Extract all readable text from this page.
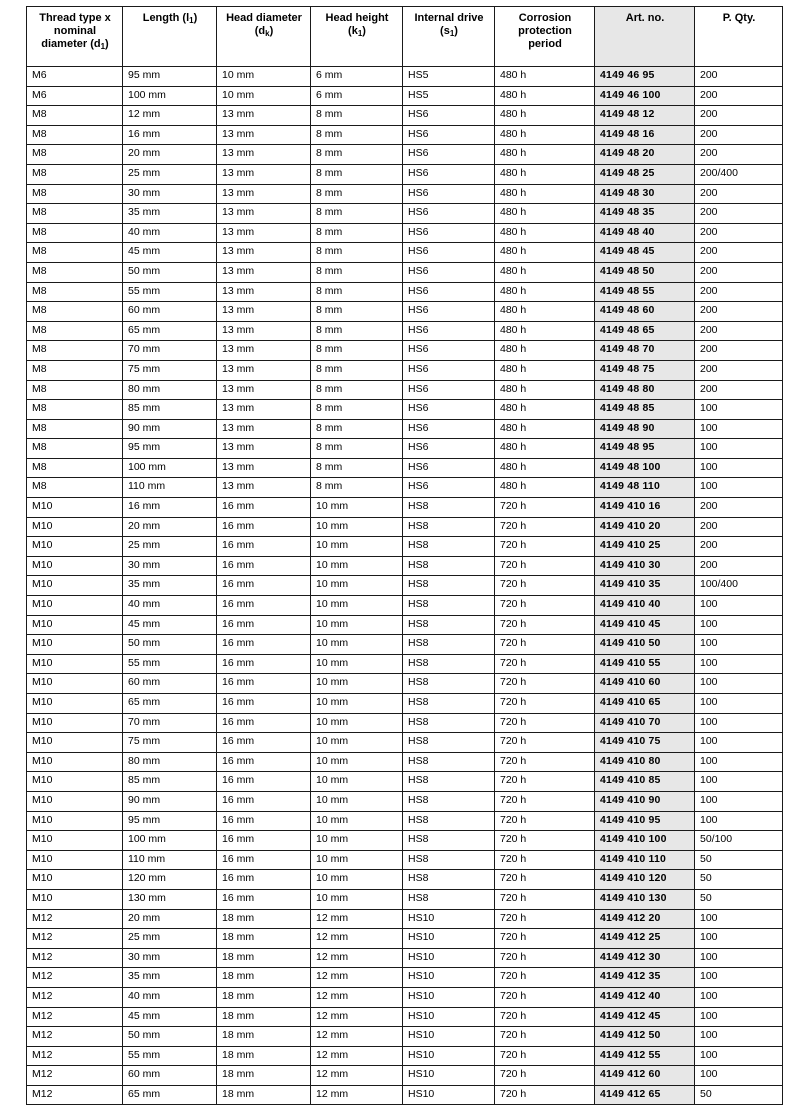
Thread type x nominal diameter $(d_1)$	Length $(l_1)$	Head diameter $(d_k)$	Head height $(k_1)$	Internal drive $(s_1)$	Corrosion protection period	Art. no.	P. Qty.
M6	95 mm	10 mm	6 mm	HS5	480 h	4149 46 95	200
M6	100 mm	10 mm	6 mm	HS5	480 h	4149 46 100	200
M8	12 mm	13 mm	8 mm	HS6	480 h	4149 48 12	200
M8	16 mm	13 mm	8 mm	HS6	480 h	4149 48 16	200
M8	20 mm	13 mm	8 mm	HS6	480 h	4149 48 20	200
M8	25 mm	13 mm	8 mm	HS6	480 h	4149 48 25	200/400
M8	30 mm	13 mm	8 mm	HS6	480 h	4149 48 30	200
M8	35 mm	13 mm	8 mm	HS6	480 h	4149 48 35	200
M8	40 mm	13 mm	8 mm	HS6	480 h	4149 48 40	200
M8	45 mm	13 mm	8 mm	HS6	480 h	4149 48 45	200
M8	50 mm	13 mm	8 mm	HS6	480 h	4149 48 50	200
M8	55 mm	13 mm	8 mm	HS6	480 h	4149 48 55	200
M8	60 mm	13 mm	8 mm	HS6	480 h	4149 48 60	200
M8	65 mm	13 mm	8 mm	HS6	480 h	4149 48 65	200
M8	70 mm	13 mm	8 mm	HS6	480 h	4149 48 70	200
M8	75 mm	13 mm	8 mm	HS6	480 h	4149 48 75	200
M8	80 mm	13 mm	8 mm	HS6	480 h	4149 48 80	200
M8	85 mm	13 mm	8 mm	HS6	480 h	4149 48 85	100
M8	90 mm	13 mm	8 mm	HS6	480 h	4149 48 90	100
M8	95 mm	13 mm	8 mm	HS6	480 h	4149 48 95	100
M8	100 mm	13 mm	8 mm	HS6	480 h	4149 48 100	100
M8	110 mm	13 mm	8 mm	HS6	480 h	4149 48 110	100
M10	16 mm	16 mm	10 mm	HS8	720 h	4149 410 16	200
M10	20 mm	16 mm	10 mm	HS8	720 h	4149 410 20	200
M10	25 mm	16 mm	10 mm	HS8	720 h	4149 410 25	200
M10	30 mm	16 mm	10 mm	HS8	720 h	4149 410 30	200
M10	35 mm	16 mm	10 mm	HS8	720 h	4149 410 35	100/400
M10	40 mm	16 mm	10 mm	HS8	720 h	4149 410 40	100
M10	45 mm	16 mm	10 mm	HS8	720 h	4149 410 45	100
M10	50 mm	16 mm	10 mm	HS8	720 h	4149 410 50	100
M10	55 mm	16 mm	10 mm	HS8	720 h	4149 410 55	100
M10	60 mm	16 mm	10 mm	HS8	720 h	4149 410 60	100
M10	65 mm	16 mm	10 mm	HS8	720 h	4149 410 65	100
M10	70 mm	16 mm	10 mm	HS8	720 h	4149 410 70	100
M10	75 mm	16 mm	10 mm	HS8	720 h	4149 410 75	100
M10	80 mm	16 mm	10 mm	HS8	720 h	4149 410 80	100
M10	85 mm	16 mm	10 mm	HS8	720 h	4149 410 85	100
M10	90 mm	16 mm	10 mm	HS8	720 h	4149 410 90	100
M10	95 mm	16 mm	10 mm	HS8	720 h	4149 410 95	100
M10	100 mm	16 mm	10 mm	HS8	720 h	4149 410 100	50/100
M10	110 mm	16 mm	10 mm	HS8	720 h	4149 410 110	50
M10	120 mm	16 mm	10 mm	HS8	720 h	4149 410 120	50
M10	130 mm	16 mm	10 mm	HS8	720 h	4149 410 130	50
M12	20 mm	18 mm	12 mm	HS10	720 h	4149 412 20	100
M12	25 mm	18 mm	12 mm	HS10	720 h	4149 412 25	100
M12	30 mm	18 mm	12 mm	HS10	720 h	4149 412 30	100
M12	35 mm	18 mm	12 mm	HS10	720 h	4149 412 35	100
M12	40 mm	18 mm	12 mm	HS10	720 h	4149 412 40	100
M12	45 mm	18 mm	12 mm	HS10	720 h	4149 412 45	100
M12	50 mm	18 mm	12 mm	HS10	720 h	4149 412 50	100
M12	55 mm	18 mm	12 mm	HS10	720 h	4149 412 55	100
M12	60 mm	18 mm	12 mm	HS10	720 h	4149 412 60	100
M12	65 mm	18 mm	12 mm	HS10	720 h	4149 412 65	50
